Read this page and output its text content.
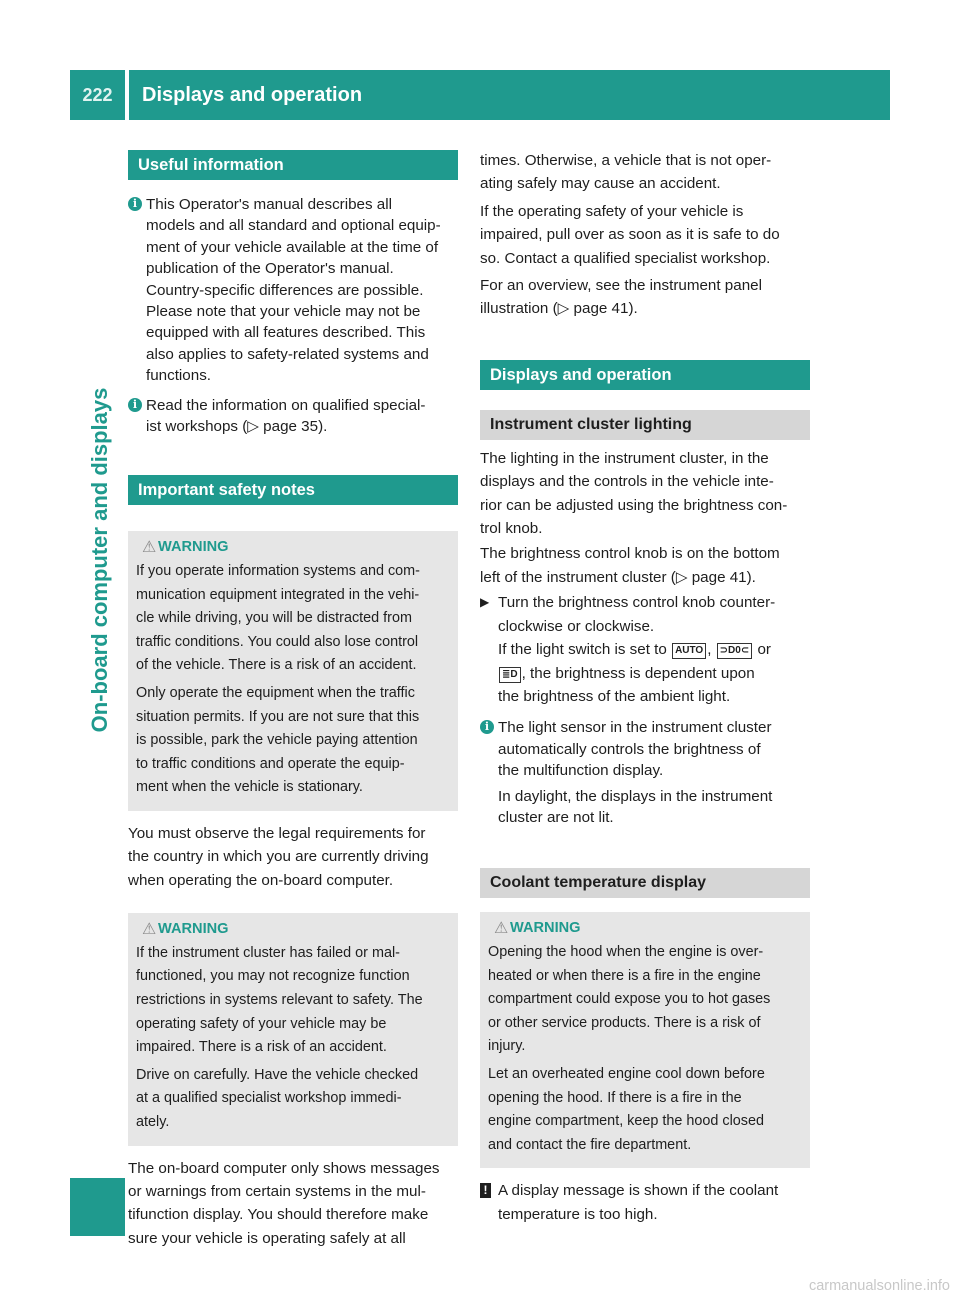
222	Displays and operation
On-board computer and displays
Useful information
i This Operator's manual describes all

models and all standard and optional equip-

ment of your vehicle available at the time of

publication of the Operator's manual.

Country-specific differences are possible.

Please note that your vehicle may not be

equipped with all features described. This

also applies to safety-related systems and

functions.

i Read the information on qualified special-

ist workshops (▷ page 35).

Important safety notes
⚠ WARNING

If you operate information systems and com-

munication equipment integrated in the vehi-

cle while driving, you will be distracted from

traffic conditions. You could also lose control

of the vehicle. There is a risk of an accident.

Only operate the equipment when the traffic

situation permits. If you are not sure that this

is possible, park the vehicle paying attention

to traffic conditions and operate the equip-

ment when the vehicle is stationary.

You must observe the legal requirements for

the country in which you are currently driving

when operating the on-board computer.

⚠ WARNING

If the instrument cluster has failed or mal-

functioned, you may not recognize function

restrictions in systems relevant to safety. The

operating safety of your vehicle may be

impaired. There is a risk of an accident.

Drive on carefully. Have the vehicle checked

at a qualified specialist workshop immedi-

ately.

The on-board computer only shows messages

or warnings from certain systems in the mul-

tifunction display. You should therefore make

sure your vehicle is operating safely at all

times. Otherwise, a vehicle that is not oper-

ating safely may cause an accident.

If the operating safety of your vehicle is

impaired, pull over as soon as it is safe to do

so. Contact a qualified specialist workshop.

For an overview, see the instrument panel

illustration (▷ page 41).

Displays and operation
Instrument cluster lighting

The lighting in the instrument cluster, in the

displays and the controls in the vehicle inte-

rior can be adjusted using the brightness con-

trol knob.

The brightness control knob is on the bottom

left of the instrument cluster (▷ page 41).

▶ Turn the brightness control knob counter-

clockwise or clockwise.

If the light switch is set to AUTO , ⊃D0⊂ or

≣D , the brightness is dependent upon

the brightness of the ambient light.

i The light sensor in the instrument cluster

automatically controls the brightness of

the multifunction display.

In daylight, the displays in the instrument

cluster are not lit.

Coolant temperature display
⚠ WARNING

Opening the hood when the engine is over-

heated or when there is a fire in the engine

compartment could expose you to hot gases

or other service products. There is a risk of

injury.

Let an overheated engine cool down before

opening the hood. If there is a fire in the

engine compartment, keep the hood closed

and contact the fire department.

! A display message is shown if the coolant

temperature is too high.

carmanualsonline.info
